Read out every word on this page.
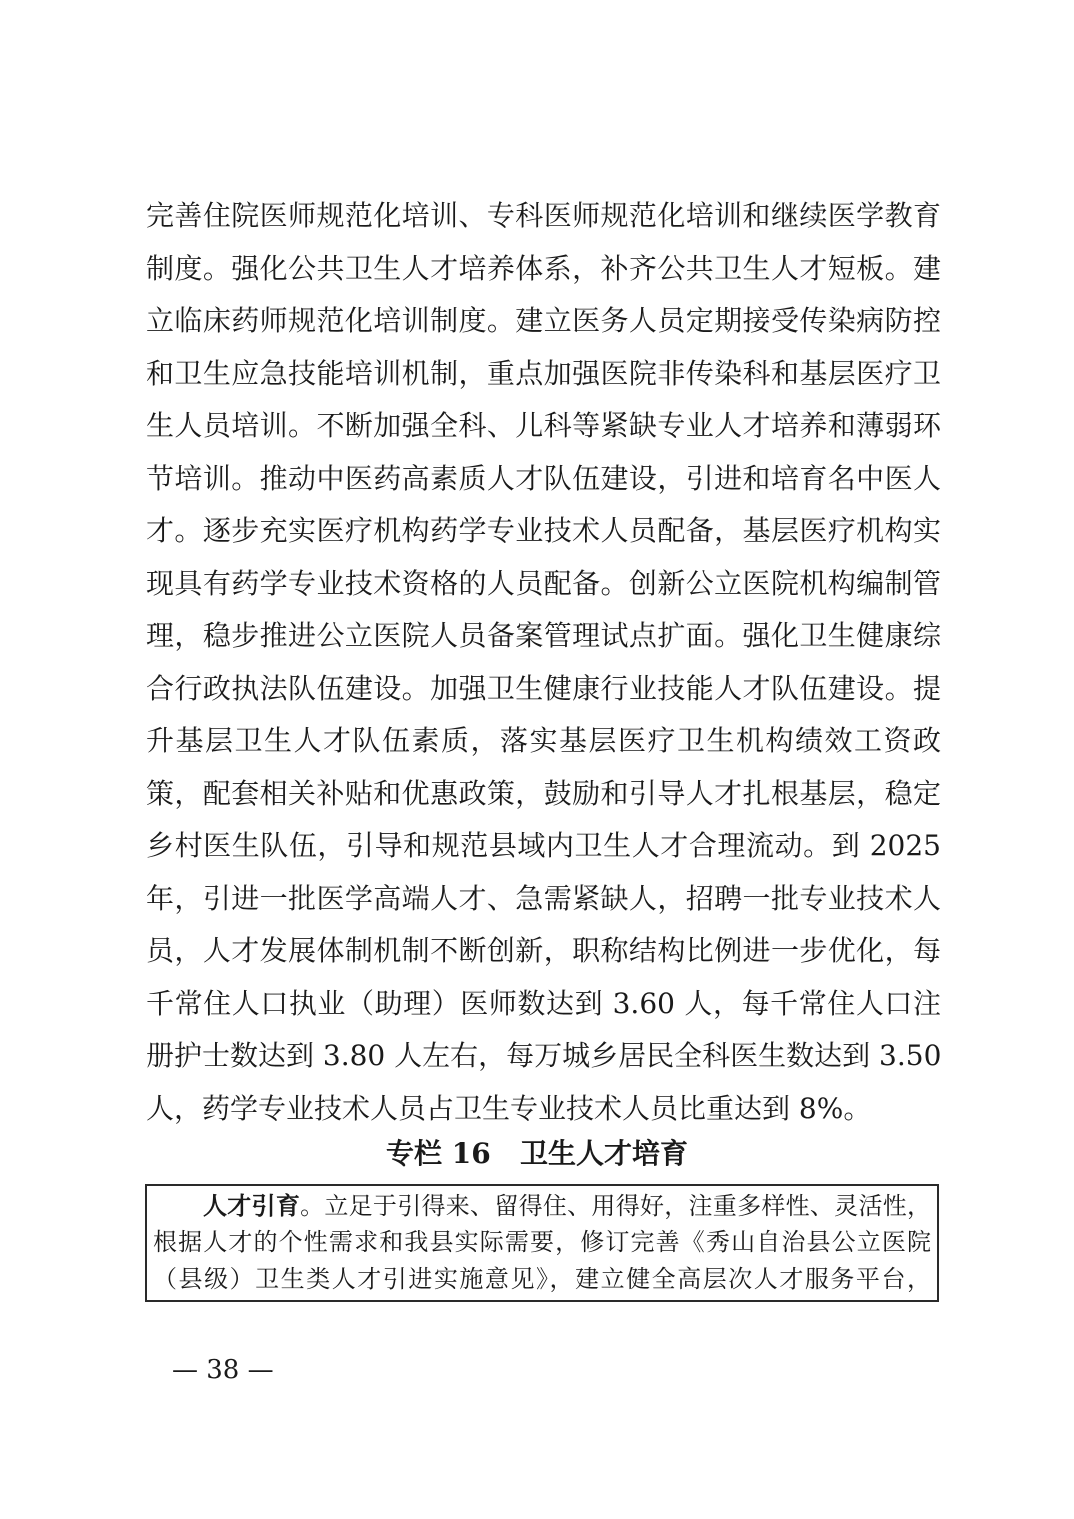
完善住院医师规范化培训、专科医师规范化培训和继续医学教育
制度。强化公共卫生人才培养体系，补齐公共卫生人才短板。建
立临床药师规范化培训制度。建立医务人员定期接受传染病防控
和卫生应急技能培训机制，重点加强医院非传染科和基层医疗卫
生人员培训。不断加强全科、儿科等紧缺专业人才培养和薄弱环
节培训。推动中医药高素质人才队伍建设，引进和培育名中医人
才。逐步充实医疗机构药学专业技术人员配备，基层医疗机构实
现具有药学专业技术资格的人员配备。创新公立医院机构编制管
理，稳步推进公立医院人员备案管理试点扩面。强化卫生健康综
合行政执法队伍建设。加强卫生健康行业技能人才队伍建设。提
升基层卫生人才队伍素质，落实基层医疗卫生机构绩效工资政
策，配套相关补贴和优惠政策，鼓励和引导人才扎根基层，稳定
乡村医生队伍，引导和规范县域内卫生人才合理流动。到 2025
年，引进一批医学高端人才、急需紧缺人，招聘一批专业技术人
员，人才发展体制机制不断创新，职称结构比例进一步优化，每
千常住人口执业（助理）医师数达到 3.60 人，每千常住人口注
册护士数达到 3.80 人左右，每万城乡居民全科医生数达到 3.50
人，药学专业技术人员占卫生专业技术人员比重达到 8%。
专栏 16   卫生人才培育
人才引育。立足于引得来、留得住、用得好，注重多样性、灵活性，
根据人才的个性需求和我县实际需要，修订完善《秀山自治县公立医院
（县级）卫生类人才引进实施意见》，建立健全高层次人才服务平台，
— 38 —
